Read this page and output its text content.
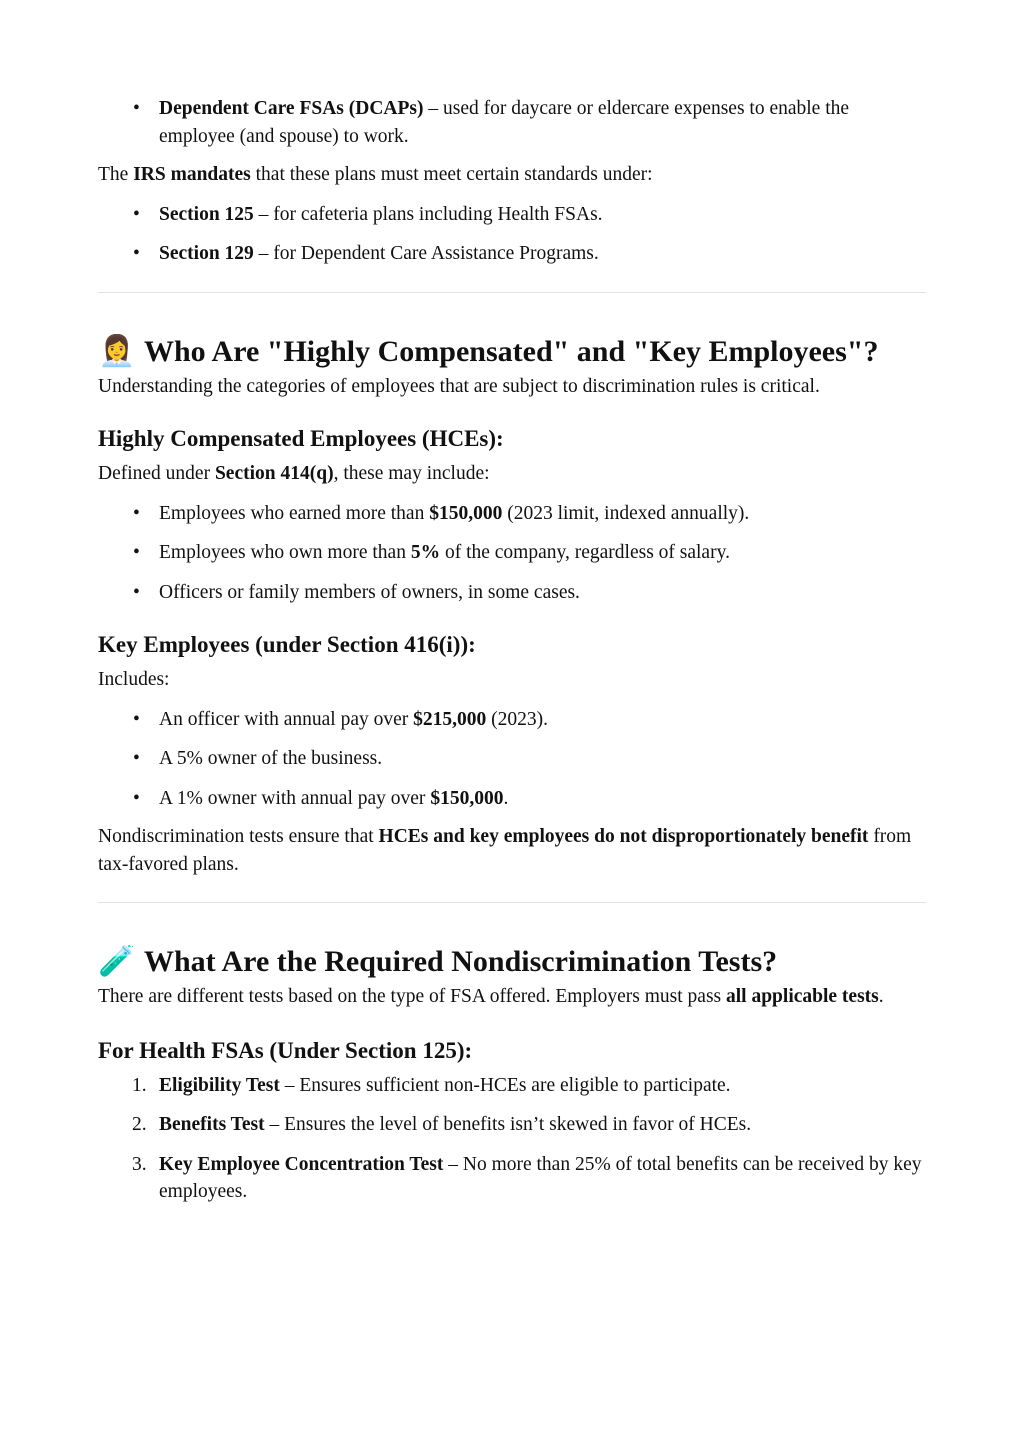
• Dependent Care FSAs (DCAPs) – used for daycare or eldercare expenses to enable the employee (and spouse) to work.

The IRS mandates that these plans must meet certain standards under:

• Section 125 – for cafeteria plans including Health FSAs.
• Section 129 – for Dependent Care Assistance Programs.
👩‍💼 Who Are "Highly Compensated" and "Key Employees"?

Understanding the categories of employees that are subject to discrimination rules is critical.

Highly Compensated Employees (HCEs):

Defined under Section 414(q), these may include:

• Employees who earned more than $150,000 (2023 limit, indexed annually).
• Employees who own more than 5% of the company, regardless of salary.
• Officers or family members of owners, in some cases.
Key Employees (under Section 416(i)):

Includes:

• An officer with annual pay over $215,000 (2023).
• A 5% owner of the business.
• A 1% owner with annual pay over $150,000.

Nondiscrimination tests ensure that HCEs and key employees do not disproportionately benefit from tax-favored plans.

🧪 What Are the Required Nondiscrimination Tests?

There are different tests based on the type of FSA offered. Employers must pass all applicable tests.

For Health FSAs (Under Section 125):
1. Eligibility Test – Ensures sufficient non-HCEs are eligible to participate.
2. Benefits Test – Ensures the level of benefits isn’t skewed in favor of HCEs.
3. Key Employee Concentration Test – No more than 25% of total benefits can be received by key employees.
